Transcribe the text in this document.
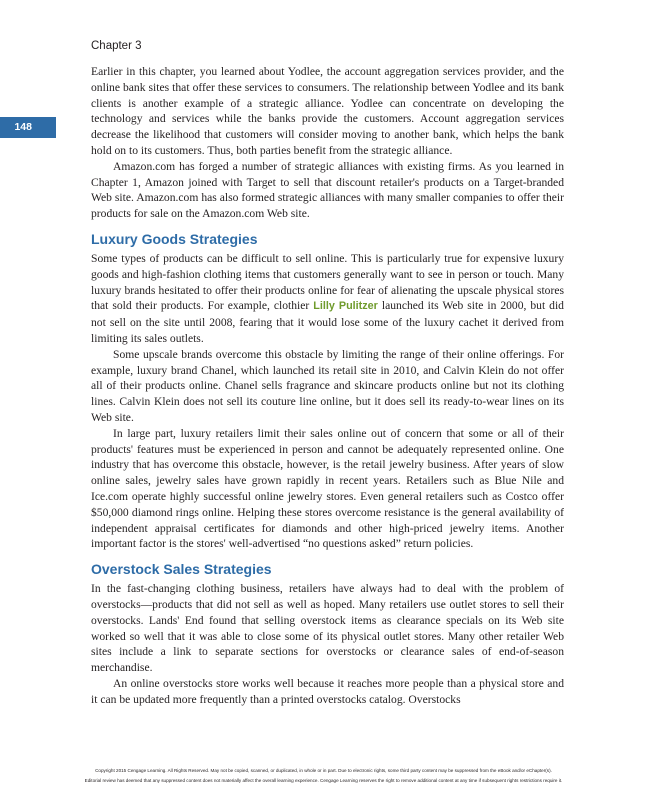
Chapter 3
148

Earlier in this chapter, you learned about Yodlee, the account aggregation services provider, and the online bank sites that offer these services to consumers. The relationship between Yodlee and its bank clients is another example of a strategic alliance. Yodlee can concentrate on developing the technology and services while the banks provide the customers. Account aggregation services decrease the likelihood that customers will consider moving to another bank, which helps the bank hold on to its customers. Thus, both parties benefit from the strategic alliance.

Amazon.com has forged a number of strategic alliances with existing firms. As you learned in Chapter 1, Amazon joined with Target to sell that discount retailer's products on a Target-branded Web site. Amazon.com has also formed strategic alliances with many smaller companies to offer their products for sale on the Amazon.com Web site.

Luxury Goods Strategies

Some types of products can be difficult to sell online. This is particularly true for expensive luxury goods and high-fashion clothing items that customers generally want to see in person or touch. Many luxury brands hesitated to offer their products online for fear of alienating the upscale physical stores that sold their products. For example, clothier Lilly Pulitzer launched its Web site in 2000, but did not sell on the site until 2008, fearing that it would lose some of the luxury cachet it derived from limiting its sales outlets.

Some upscale brands overcome this obstacle by limiting the range of their online offerings. For example, luxury brand Chanel, which launched its retail site in 2010, and Calvin Klein do not offer all of their products online. Chanel sells fragrance and skincare products online but not its clothing lines. Calvin Klein does not sell its couture line online, but it does sell its ready-to-wear lines on its Web site.

In large part, luxury retailers limit their sales online out of concern that some or all of their products' features must be experienced in person and cannot be adequately represented online. One industry that has overcome this obstacle, however, is the retail jewelry business. After years of slow online sales, jewelry sales have grown rapidly in recent years. Retailers such as Blue Nile and Ice.com operate highly successful online jewelry stores. Even general retailers such as Costco offer $50,000 diamond rings online. Helping these stores overcome resistance is the general availability of independent appraisal certificates for diamonds and other high-priced jewelry items. Another important factor is the stores' well-advertised “no questions asked” return policies.

Overstock Sales Strategies

In the fast-changing clothing business, retailers have always had to deal with the problem of overstocks—products that did not sell as well as hoped. Many retailers use outlet stores to sell their overstocks. Lands' End found that selling overstock items as clearance specials on its Web site worked so well that it was able to close some of its physical outlet stores. Many other retailer Web sites include a link to separate sections for overstocks or clearance sales of end-of-season merchandise.

An online overstocks store works well because it reaches more people than a physical store and it can be updated more frequently than a printed overstocks catalog. Overstocks

Copyright 2015 Cengage Learning. All Rights Reserved. May not be copied, scanned, or duplicated, in whole or in part. Due to electronic rights, some third party content may be suppressed from the eBook and/or eChapter(s).
Editorial review has deemed that any suppressed content does not materially affect the overall learning experience. Cengage Learning reserves the right to remove additional content at any time if subsequent rights restrictions require it.
